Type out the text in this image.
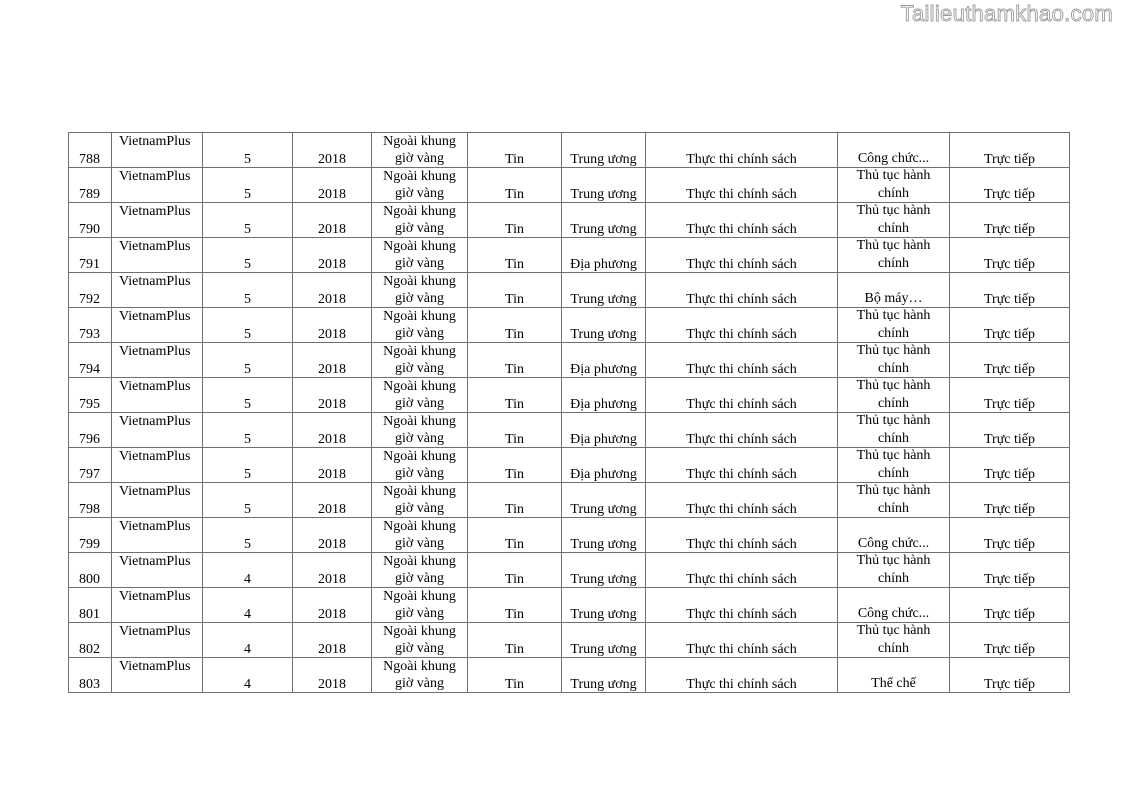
Tailieuthamkhao.com
788	VietnamPlus	5	2018	Ngoài khung giờ vàng	Tin	Trung ương	Thực thi chính sách	Công chức...	Trực tiếp

789	VietnamPlus	5	2018	Ngoài khung giờ vàng	Tin	Trung ương	Thực thi chính sách	Thủ tục hành chính	Trực tiếp

790	VietnamPlus	5	2018	Ngoài khung giờ vàng	Tin	Trung ương	Thực thi chính sách	Thủ tục hành chính	Trực tiếp

791	VietnamPlus	5	2018	Ngoài khung giờ vàng	Tin	Địa phương	Thực thi chính sách	Thủ tục hành chính	Trực tiếp

792	VietnamPlus	5	2018	Ngoài khung giờ vàng	Tin	Trung ương	Thực thi chính sách	Bộ máy…	Trực tiếp

793	VietnamPlus	5	2018	Ngoài khung giờ vàng	Tin	Trung ương	Thực thi chính sách	Thủ tục hành chính	Trực tiếp

794	VietnamPlus	5	2018	Ngoài khung giờ vàng	Tin	Địa phương	Thực thi chính sách	Thủ tục hành chính	Trực tiếp

795	VietnamPlus	5	2018	Ngoài khung giờ vàng	Tin	Địa phương	Thực thi chính sách	Thủ tục hành chính	Trực tiếp

796	VietnamPlus	5	2018	Ngoài khung giờ vàng	Tin	Địa phương	Thực thi chính sách	Thủ tục hành chính	Trực tiếp

797	VietnamPlus	5	2018	Ngoài khung giờ vàng	Tin	Địa phương	Thực thi chính sách	Thủ tục hành chính	Trực tiếp

798	VietnamPlus	5	2018	Ngoài khung giờ vàng	Tin	Trung ương	Thực thi chính sách	Thủ tục hành chính	Trực tiếp

799	VietnamPlus	5	2018	Ngoài khung giờ vàng	Tin	Trung ương	Thực thi chính sách	Công chức...	Trực tiếp

800	VietnamPlus	4	2018	Ngoài khung giờ vàng	Tin	Trung ương	Thực thi chính sách	Thủ tục hành chính	Trực tiếp

801	VietnamPlus	4	2018	Ngoài khung giờ vàng	Tin	Trung ương	Thực thi chính sách	Công chức...	Trực tiếp

802	VietnamPlus	4	2018	Ngoài khung giờ vàng	Tin	Trung ương	Thực thi chính sách	Thủ tục hành chính	Trực tiếp

803	VietnamPlus	4	2018	Ngoài khung giờ vàng	Tin	Trung ương	Thực thi chính sách	Thể chế	Trực tiếp
